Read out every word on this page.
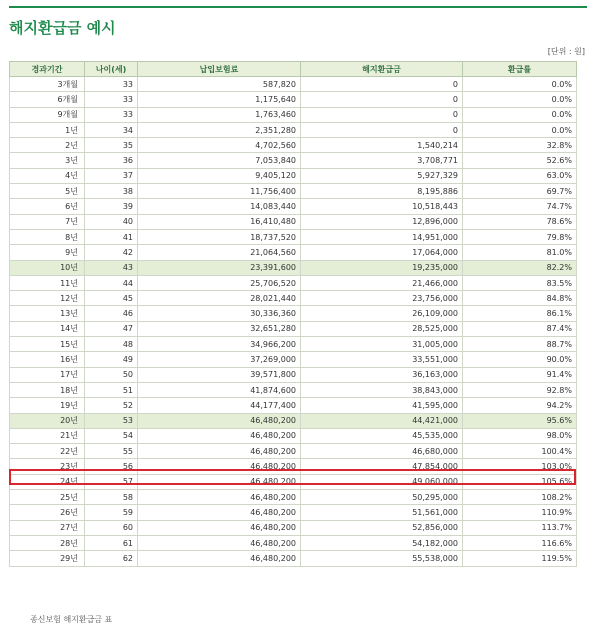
해지환급금 예시
[단위 : 원]
경과기간	나이(세)	납입보험료	해지환급금	환급률
3개월	33	587,820	0	0.0%
6개월	33	1,175,640	0	0.0%
9개월	33	1,763,460	0	0.0%
1년	34	2,351,280	0	0.0%
2년	35	4,702,560	1,540,214	32.8%
3년	36	7,053,840	3,708,771	52.6%
4년	37	9,405,120	5,927,329	63.0%
5년	38	11,756,400	8,195,886	69.7%
6년	39	14,083,440	10,518,443	74.7%
7년	40	16,410,480	12,896,000	78.6%
8년	41	18,737,520	14,951,000	79.8%
9년	42	21,064,560	17,064,000	81.0%
10년	43	23,391,600	19,235,000	82.2%
11년	44	25,706,520	21,466,000	83.5%
12년	45	28,021,440	23,756,000	84.8%
13년	46	30,336,360	26,109,000	86.1%
14년	47	32,651,280	28,525,000	87.4%
15년	48	34,966,200	31,005,000	88.7%
16년	49	37,269,000	33,551,000	90.0%
17년	50	39,571,800	36,163,000	91.4%
18년	51	41,874,600	38,843,000	92.8%
19년	52	44,177,400	41,595,000	94.2%
20년	53	46,480,200	44,421,000	95.6%
21년	54	46,480,200	45,535,000	98.0%
22년	55	46,480,200	46,680,000	100.4%
23년	56	46,480,200	47,854,000	103.0%
24년	57	46,480,200	49,060,000	105.6%
25년	58	46,480,200	50,295,000	108.2%
26년	59	46,480,200	51,561,000	110.9%
27년	60	46,480,200	52,856,000	113.7%
28년	61	46,480,200	54,182,000	116.6%
29년	62	46,480,200	55,538,000	119.5%
종신보험 해지환급금 표
